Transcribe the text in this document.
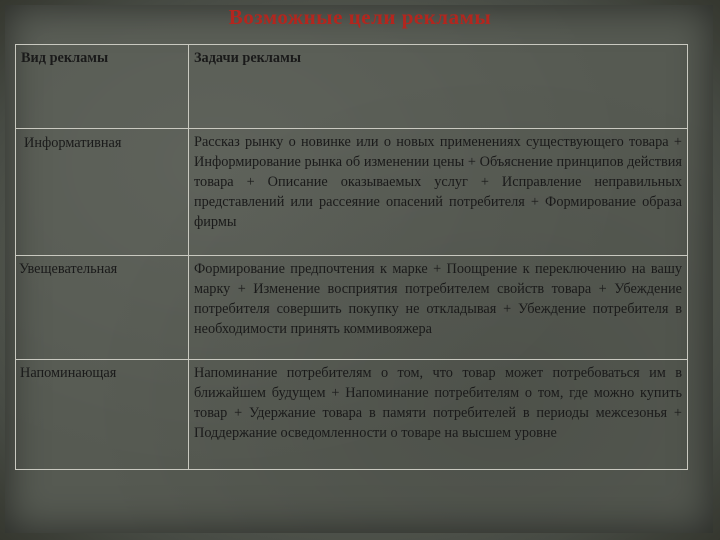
Возможные цели рекламы
Вид рекламы	Задачи рекламы
Информативная	Рассказ рынку о новинке или о новых применениях существующего товара + Информирование рынка об изменении цены + Объяснение принципов действия товара + Описание оказываемых услуг + Исправление неправильных представлений или рассеяние опасений потребителя + Формирование образа фирмы
Увещевательная	Формирование предпочтения к марке + Поощрение к переключению на вашу марку + Изменение восприятия потребителем свойств товара + Убеждение потребителя совершить покупку не откладывая + Убеждение потребителя в необходимости принять коммивояжера
Напоминающая	Напоминание потребителям о том, что товар может потребоваться им в ближайшем будущем + Напоминание потребителям о том, где можно купить товар + Удержание товара в памяти потребителей в периоды межсезонья + Поддержание осведомленности о товаре на высшем уровне
